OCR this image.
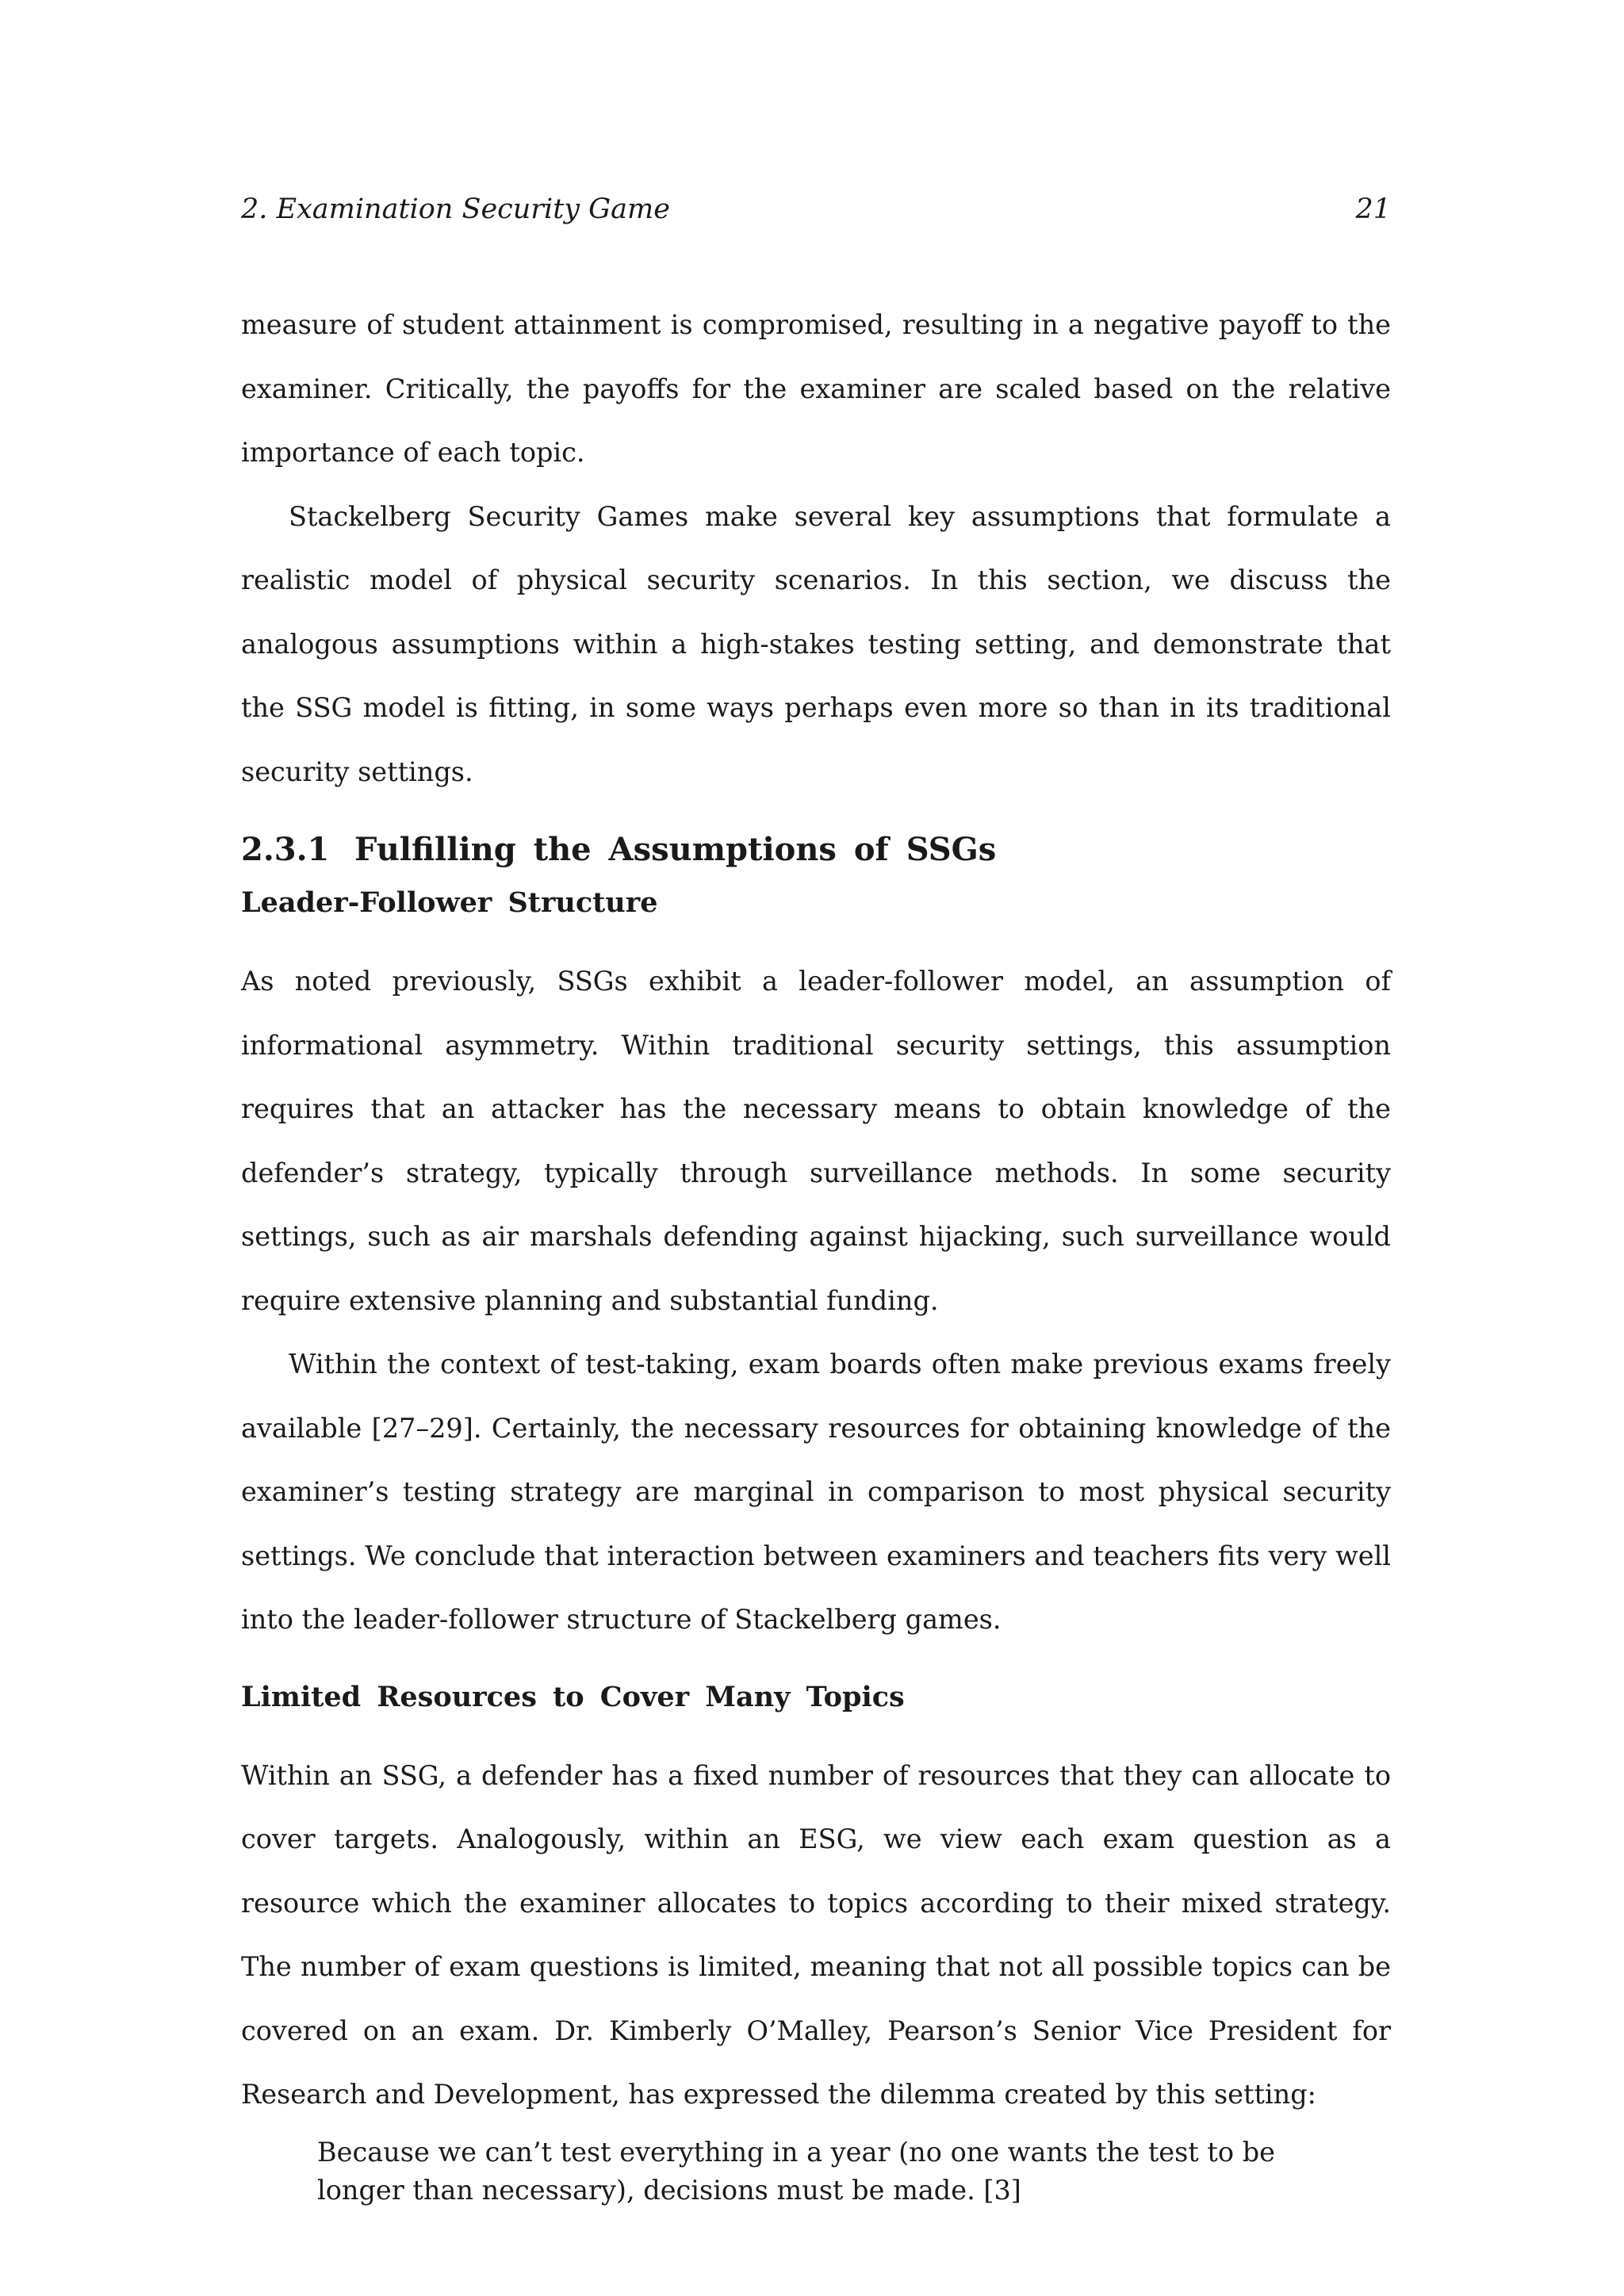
2. Examination Security Game	21

measure of student attainment is compromised, resulting in a negative payoff to the examiner. Critically, the payoffs for the examiner are scaled based on the relative importance of each topic.

Stackelberg Security Games make several key assumptions that formulate a realistic model of physical security scenarios. In this section, we discuss the analogous assumptions within a high-stakes testing setting, and demonstrate that the SSG model is fitting, in some ways perhaps even more so than in its traditional security settings.

2.3.1 Fulfilling the Assumptions of SSGs
Leader-Follower Structure

As noted previously, SSGs exhibit a leader-follower model, an assumption of informational asymmetry. Within traditional security settings, this assumption requires that an attacker has the necessary means to obtain knowledge of the defender’s strategy, typically through surveillance methods. In some security settings, such as air marshals defending against hijacking, such surveillance would require extensive planning and substantial funding.

Within the context of test-taking, exam boards often make previous exams freely available [27–29]. Certainly, the necessary resources for obtaining knowledge of the examiner’s testing strategy are marginal in comparison to most physical security settings. We conclude that interaction between examiners and teachers fits very well into the leader-follower structure of Stackelberg games.

Limited Resources to Cover Many Topics

Within an SSG, a defender has a fixed number of resources that they can allocate to cover targets. Analogously, within an ESG, we view each exam question as a resource which the examiner allocates to topics according to their mixed strategy. The number of exam questions is limited, meaning that not all possible topics can be covered on an exam. Dr. Kimberly O’Malley, Pearson’s Senior Vice President for Research and Development, has expressed the dilemma created by this setting:

Because we can’t test everything in a year (no one wants the test to be longer than necessary), decisions must be made. [3]
